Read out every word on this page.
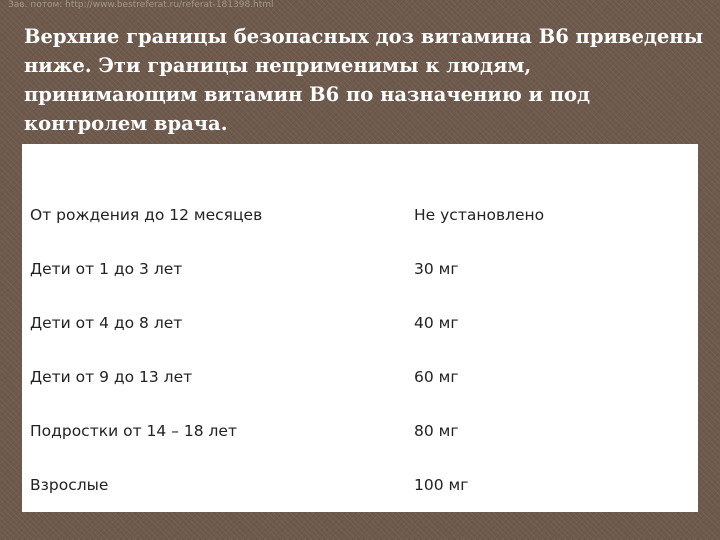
Зав. потом: http://www.bestreferat.ru/referat-181398.html

Верхние границы безопасных доз витамина B6 приведены ниже. Эти границы неприменимы к людям, принимающим витамин B6 по назначению и под контролем врача.

От рождения до 12 месяцев	Не установлено
Дети от 1 до 3 лет	30 мг
Дети от 4 до 8 лет	40 мг
Дети от 9 до 13 лет	60 мг
Подростки от 14 – 18 лет	80 мг
Взрослые	100 мг
